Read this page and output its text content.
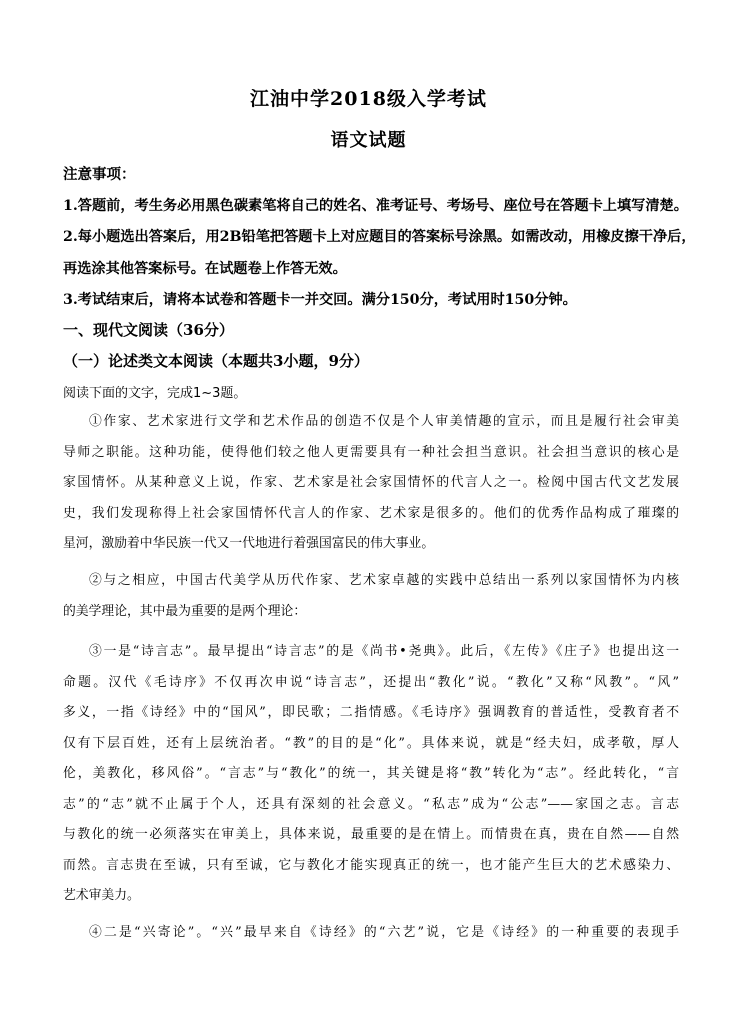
江油中学2018级入学考试
语文试题
注意事项：
1.答题前，考生务必用黑色碳素笔将自己的姓名、准考证号、考场号、座位号在答题卡上填写清楚。
2.每小题选出答案后，用2B铅笔把答题卡上对应题目的答案标号涂黑。如需改动，用橡皮擦干净后，
再选涂其他答案标号。在试题卷上作答无效。
3.考试结束后，请将本试卷和答题卡一并交回。满分150分，考试用时150分钟。
一、现代文阅读（36分）
（一）论述类文本阅读（本题共3小题，9分）
阅读下面的文字，完成1~3题。
①作家、艺术家进行文学和艺术作品的创造不仅是个人审美情趣的宣示，而且是履行社会审美
导师之职能。这种功能，使得他们较之他人更需要具有一种社会担当意识。社会担当意识的核心是
家国情怀。从某种意义上说，作家、艺术家是社会家国情怀的代言人之一。检阅中国古代文艺发展
史，我们发现称得上社会家国情怀代言人的作家、艺术家是很多的。他们的优秀作品构成了璀璨的
星河，激励着中华民族一代又一代地进行着强国富民的伟大事业。
②与之相应，中国古代美学从历代作家、艺术家卓越的实践中总结出一系列以家国情怀为内核
的美学理论，其中最为重要的是两个理论：
③一是“诗言志”。最早提出“诗言志”的是《尚书•尧典》。此后，《左传》《庄子》也提出这一
命题。汉代《毛诗序》不仅再次申说“诗言志”，还提出“教化”说。“教化”又称“风教”。“风”
多义，一指《诗经》中的“国风”，即民歌；二指情感。《毛诗序》强调教育的普适性，受教育者不
仅有下层百姓，还有上层统治者。“教”的目的是“化”。具体来说，就是“经夫妇，成孝敬，厚人
伦，美教化，移风俗”。“言志”与“教化”的统一，其关键是将“教”转化为“志”。经此转化，“言
志”的“志”就不止属于个人，还具有深刻的社会意义。“私志”成为“公志”——家国之志。言志
与教化的统一必须落实在审美上，具体来说，最重要的是在情上。而情贵在真，贵在自然——自然
而然。言志贵在至诚，只有至诚，它与教化才能实现真正的统一，也才能产生巨大的艺术感染力、
艺术审美力。
④二是“兴寄论”。“兴”最早来自《诗经》的“六艺”说，它是《诗经》的一种重要的表现手
